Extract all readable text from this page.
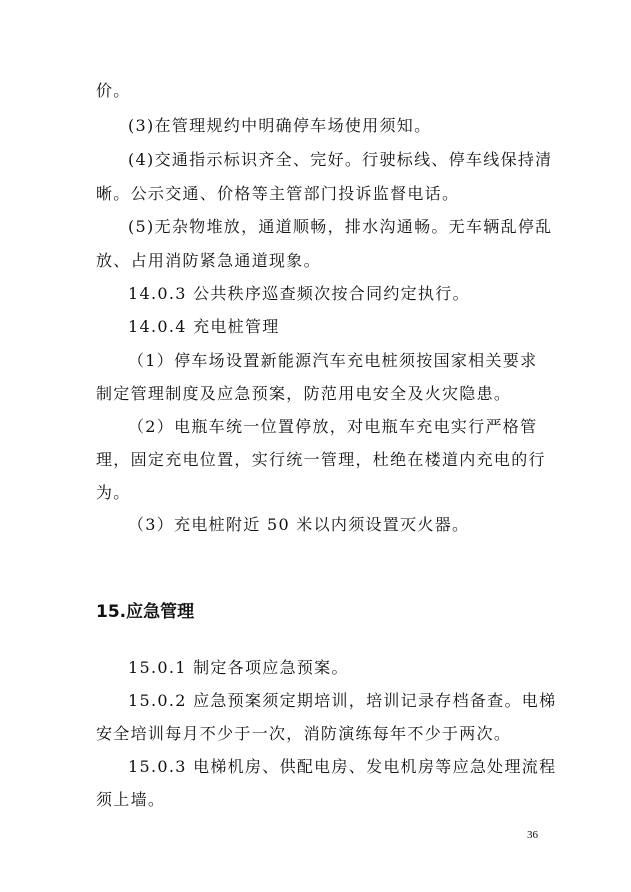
价。
(3)在管理规约中明确停车场使用须知。
(4)交通指示标识齐全、完好。行驶标线、停车线保持清
晰。公示交通、价格等主管部门投诉监督电话。
(5)无杂物堆放，通道顺畅，排水沟通畅。无车辆乱停乱
放、占用消防紧急通道现象。
14.0.3 公共秩序巡查频次按合同约定执行。
14.0.4 充电桩管理
（1）停车场设置新能源汽车充电桩须按国家相关要求
制定管理制度及应急预案，防范用电安全及火灾隐患。
（2）电瓶车统一位置停放，对电瓶车充电实行严格管
理，固定充电位置，实行统一管理，杜绝在楼道内充电的行
为。
（3）充电桩附近 50 米以内须设置灭火器。
15.应急管理
15.0.1 制定各项应急预案。
15.0.2 应急预案须定期培训，培训记录存档备查。电梯
安全培训每月不少于一次，消防演练每年不少于两次。
15.0.3 电梯机房、供配电房、发电机房等应急处理流程
须上墙。
36
